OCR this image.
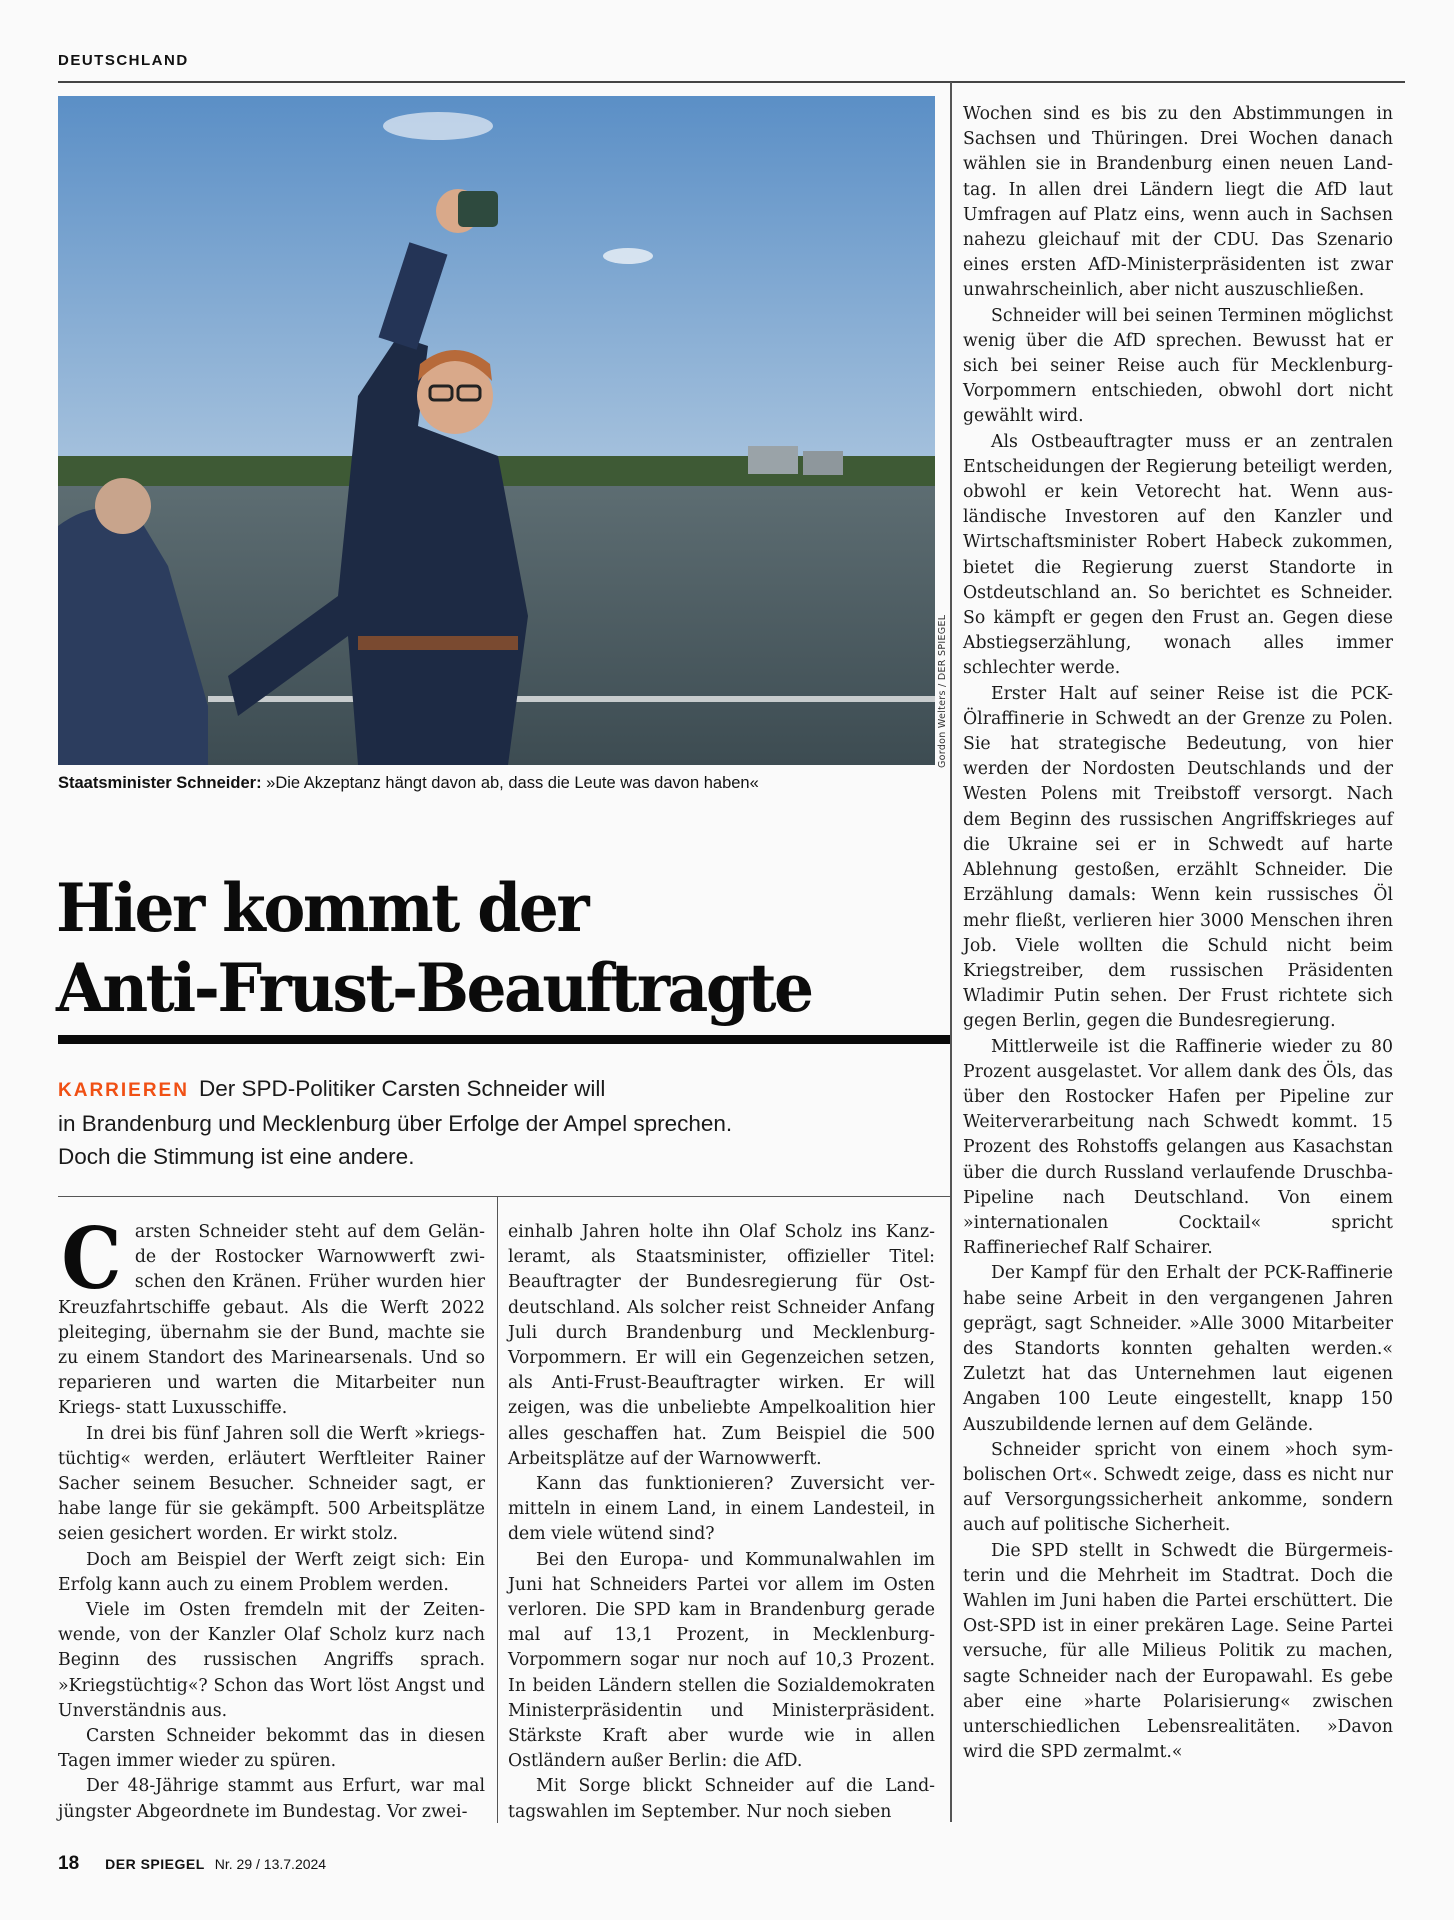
DEUTSCHLAND
Gordon Welters / DER SPIEGEL
Staatsminister Schneider: »Die Akzeptanz hängt davon ab, dass die Leute was davon haben«
Hier kommt der
Anti-Frust-Beauftragte
KARRIEREN Der SPD-Politiker Carsten Schneider will
in Brandenburg und Mecklenburg über Erfolge der Ampel sprechen.
Doch die Stimmung ist eine andere.

Carsten Schneider steht auf dem Gelände der Rostocker Warnowwerft zwischen den Kränen. Früher wurden hier Kreuzfahrtschiffe gebaut. Als die Werft 2022 pleiteging, übernahm sie der Bund, machte sie zu einem Standort des Marinearsenals. Und so reparieren und warten die Mitarbeiter nun Kriegs- statt Luxusschiffe.

In drei bis fünf Jahren soll die Werft »kriegstüchtig« werden, erläutert Werftleiter Rainer Sacher seinem Besucher. Schneider sagt, er habe lange für sie gekämpft. 500 Arbeitsplätze seien gesichert worden. Er wirkt stolz.

Doch am Beispiel der Werft zeigt sich: Ein Erfolg kann auch zu einem Problem werden.

Viele im Osten fremdeln mit der Zeitenwende, von der Kanzler Olaf Scholz kurz nach Beginn des russischen Angriffs sprach. »Kriegstüchtig«? Schon das Wort löst Angst und Unverständnis aus.

Carsten Schneider bekommt das in diesen Tagen immer wieder zu spüren.

Der 48-Jährige stammt aus Erfurt, war mal jüngster Abgeordnete im Bundestag. Vor zwei-

einhalb Jahren holte ihn Olaf Scholz ins Kanzleramt, als Staatsminister, offizieller Titel: Beauftragter der Bundesregierung für Ostdeutschland. Als solcher reist Schneider Anfang Juli durch Brandenburg und Mecklenburg-Vorpommern. Er will ein Gegenzeichen setzen, als Anti-Frust-Beauftragter wirken. Er will zeigen, was die unbeliebte Ampelkoalition hier alles geschaffen hat. Zum Beispiel die 500 Arbeitsplätze auf der Warnowwerft.

Kann das funktionieren? Zuversicht vermitteln in einem Land, in einem Landesteil, in dem viele wütend sind?

Bei den Europa- und Kommunalwahlen im Juni hat Schneiders Partei vor allem im Osten verloren. Die SPD kam in Brandenburg gerade mal auf 13,1 Prozent, in Mecklenburg-Vorpommern sogar nur noch auf 10,3 Prozent. In beiden Ländern stellen die Sozialdemokraten Ministerpräsidentin und Ministerpräsident. Stärkste Kraft aber wurde wie in allen Ostländern außer Berlin: die AfD.

Mit Sorge blickt Schneider auf die Landtagswahlen im September. Nur noch sieben

Wochen sind es bis zu den Abstimmungen in Sachsen und Thüringen. Drei Wochen danach wählen sie in Brandenburg einen neuen Landtag. In allen drei Ländern liegt die AfD laut Umfragen auf Platz eins, wenn auch in Sachsen nahezu gleichauf mit der CDU. Das Szenario eines ersten AfD-Ministerpräsidenten ist zwar unwahrscheinlich, aber nicht auszuschließen.

Schneider will bei seinen Terminen möglichst wenig über die AfD sprechen. Bewusst hat er sich bei seiner Reise auch für Mecklenburg-Vorpommern entschieden, obwohl dort nicht gewählt wird.

Als Ostbeauftragter muss er an zentralen Entscheidungen der Regierung beteiligt werden, obwohl er kein Vetorecht hat. Wenn ausländische Investoren auf den Kanzler und Wirtschaftsminister Robert Habeck zukommen, bietet die Regierung zuerst Standorte in Ostdeutschland an. So berichtet es Schneider. So kämpft er gegen den Frust an. Gegen diese Abstiegserzählung, wonach alles immer schlechter werde.

Erster Halt auf seiner Reise ist die PCK-Ölraffinerie in Schwedt an der Grenze zu Polen. Sie hat strategische Bedeutung, von hier werden der Nordosten Deutschlands und der Westen Polens mit Treibstoff versorgt. Nach dem Beginn des russischen Angriffskrieges auf die Ukraine sei er in Schwedt auf harte Ablehnung gestoßen, erzählt Schneider. Die Erzählung damals: Wenn kein russisches Öl mehr fließt, verlieren hier 3000 Menschen ihren Job. Viele wollten die Schuld nicht beim Kriegstreiber, dem russischen Präsidenten Wladimir Putin sehen. Der Frust richtete sich gegen Berlin, gegen die Bundesregierung.

Mittlerweile ist die Raffinerie wieder zu 80 Prozent ausgelastet. Vor allem dank des Öls, das über den Rostocker Hafen per Pipeline zur Weiterverarbeitung nach Schwedt kommt. 15 Prozent des Rohstoffs gelangen aus Kasachstan über die durch Russland verlaufende Druschba-Pipeline nach Deutschland. Von einem »internationalen Cocktail« spricht Raffineriechef Ralf Schairer.

Der Kampf für den Erhalt der PCK-Raffinerie habe seine Arbeit in den vergangenen Jahren geprägt, sagt Schneider. »Alle 3000 Mitarbeiter des Standorts konnten gehalten werden.« Zuletzt hat das Unternehmen laut eigenen Angaben 100 Leute eingestellt, knapp 150 Auszubildende lernen auf dem Gelände.

Schneider spricht von einem »hoch symbolischen Ort«. Schwedt zeige, dass es nicht nur auf Versorgungssicherheit ankomme, sondern auch auf politische Sicherheit.

Die SPD stellt in Schwedt die Bürgermeisterin und die Mehrheit im Stadtrat. Doch die Wahlen im Juni haben die Partei erschüttert. Die Ost-SPD ist in einer prekären Lage. Seine Partei versuche, für alle Milieus Politik zu machen, sagte Schneider nach der Europawahl. Es gebe aber eine »harte Polarisierung« zwischen unterschiedlichen Lebensrealitäten. »Davon wird die SPD zermalmt.«

18 DER SPIEGEL Nr. 29 / 13.7.2024
